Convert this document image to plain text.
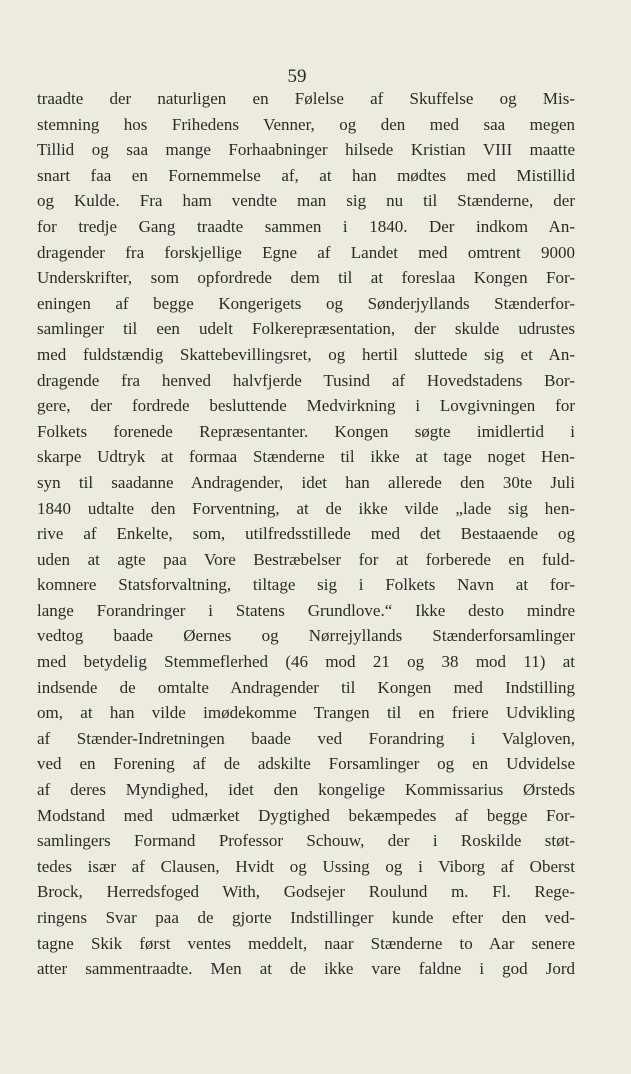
59
traadte der naturligen en Følelse af Skuffelse og Mis-
stemning hos Frihedens Venner, og den med saa megen
Tillid og saa mange Forhaabninger hilsede Kristian VIII maatte
snart faa en Fornemmelse af, at han mødtes med Mistillid
og Kulde. Fra ham vendte man sig nu til Stænderne, der
for tredje Gang traadte sammen i 1840. Der indkom An-
dragender fra forskjellige Egne af Landet med omtrent 9000
Underskrifter, som opfordrede dem til at foreslaa Kongen For-
eningen af begge Kongerigets og Sønderjyllands Stænderfor-
samlinger til een udelt Folkerepræsentation, der skulde udrustes
med fuldstændig Skattebevillingsret, og hertil sluttede sig et An-
dragende fra henved halvfjerde Tusind af Hovedstadens Bor-
gere, der fordrede besluttende Medvirkning i Lovgivningen for
Folkets forenede Repræsentanter. Kongen søgte imidlertid i
skarpe Udtryk at formaa Stænderne til ikke at tage noget Hen-
syn til saadanne Andragender, idet han allerede den 30te Juli
1840 udtalte den Forventning, at de ikke vilde „lade sig hen-
rive af Enkelte, som, utilfredsstillede med det Bestaaende og
uden at agte paa Vore Bestræbelser for at forberede en fuld-
komnere Statsforvaltning, tiltage sig i Folkets Navn at for-
lange Forandringer i Statens Grundlove.“ Ikke desto mindre
vedtog baade Øernes og Nørrejyllands Stænderforsamlinger
med betydelig Stemmeflerhed (46 mod 21 og 38 mod 11) at
indsende de omtalte Andragender til Kongen med Indstilling
om, at han vilde imødekomme Trangen til en friere Udvikling
af Stænder-Indretningen baade ved Forandring i Valgloven,
ved en Forening af de adskilte Forsamlinger og en Udvidelse
af deres Myndighed, idet den kongelige Kommissarius Ørsteds
Modstand med udmærket Dygtighed bekæmpedes af begge For-
samlingers Formand Professor Schouw, der i Roskilde støt-
tedes især af Clausen, Hvidt og Ussing og i Viborg af Oberst
Brock, Herredsfoged With, Godsejer Roulund m. Fl. Rege-
ringens Svar paa de gjorte Indstillinger kunde efter den ved-
tagne Skik først ventes meddelt, naar Stænderne to Aar senere
atter sammentraadte. Men at de ikke vare faldne i god Jord
